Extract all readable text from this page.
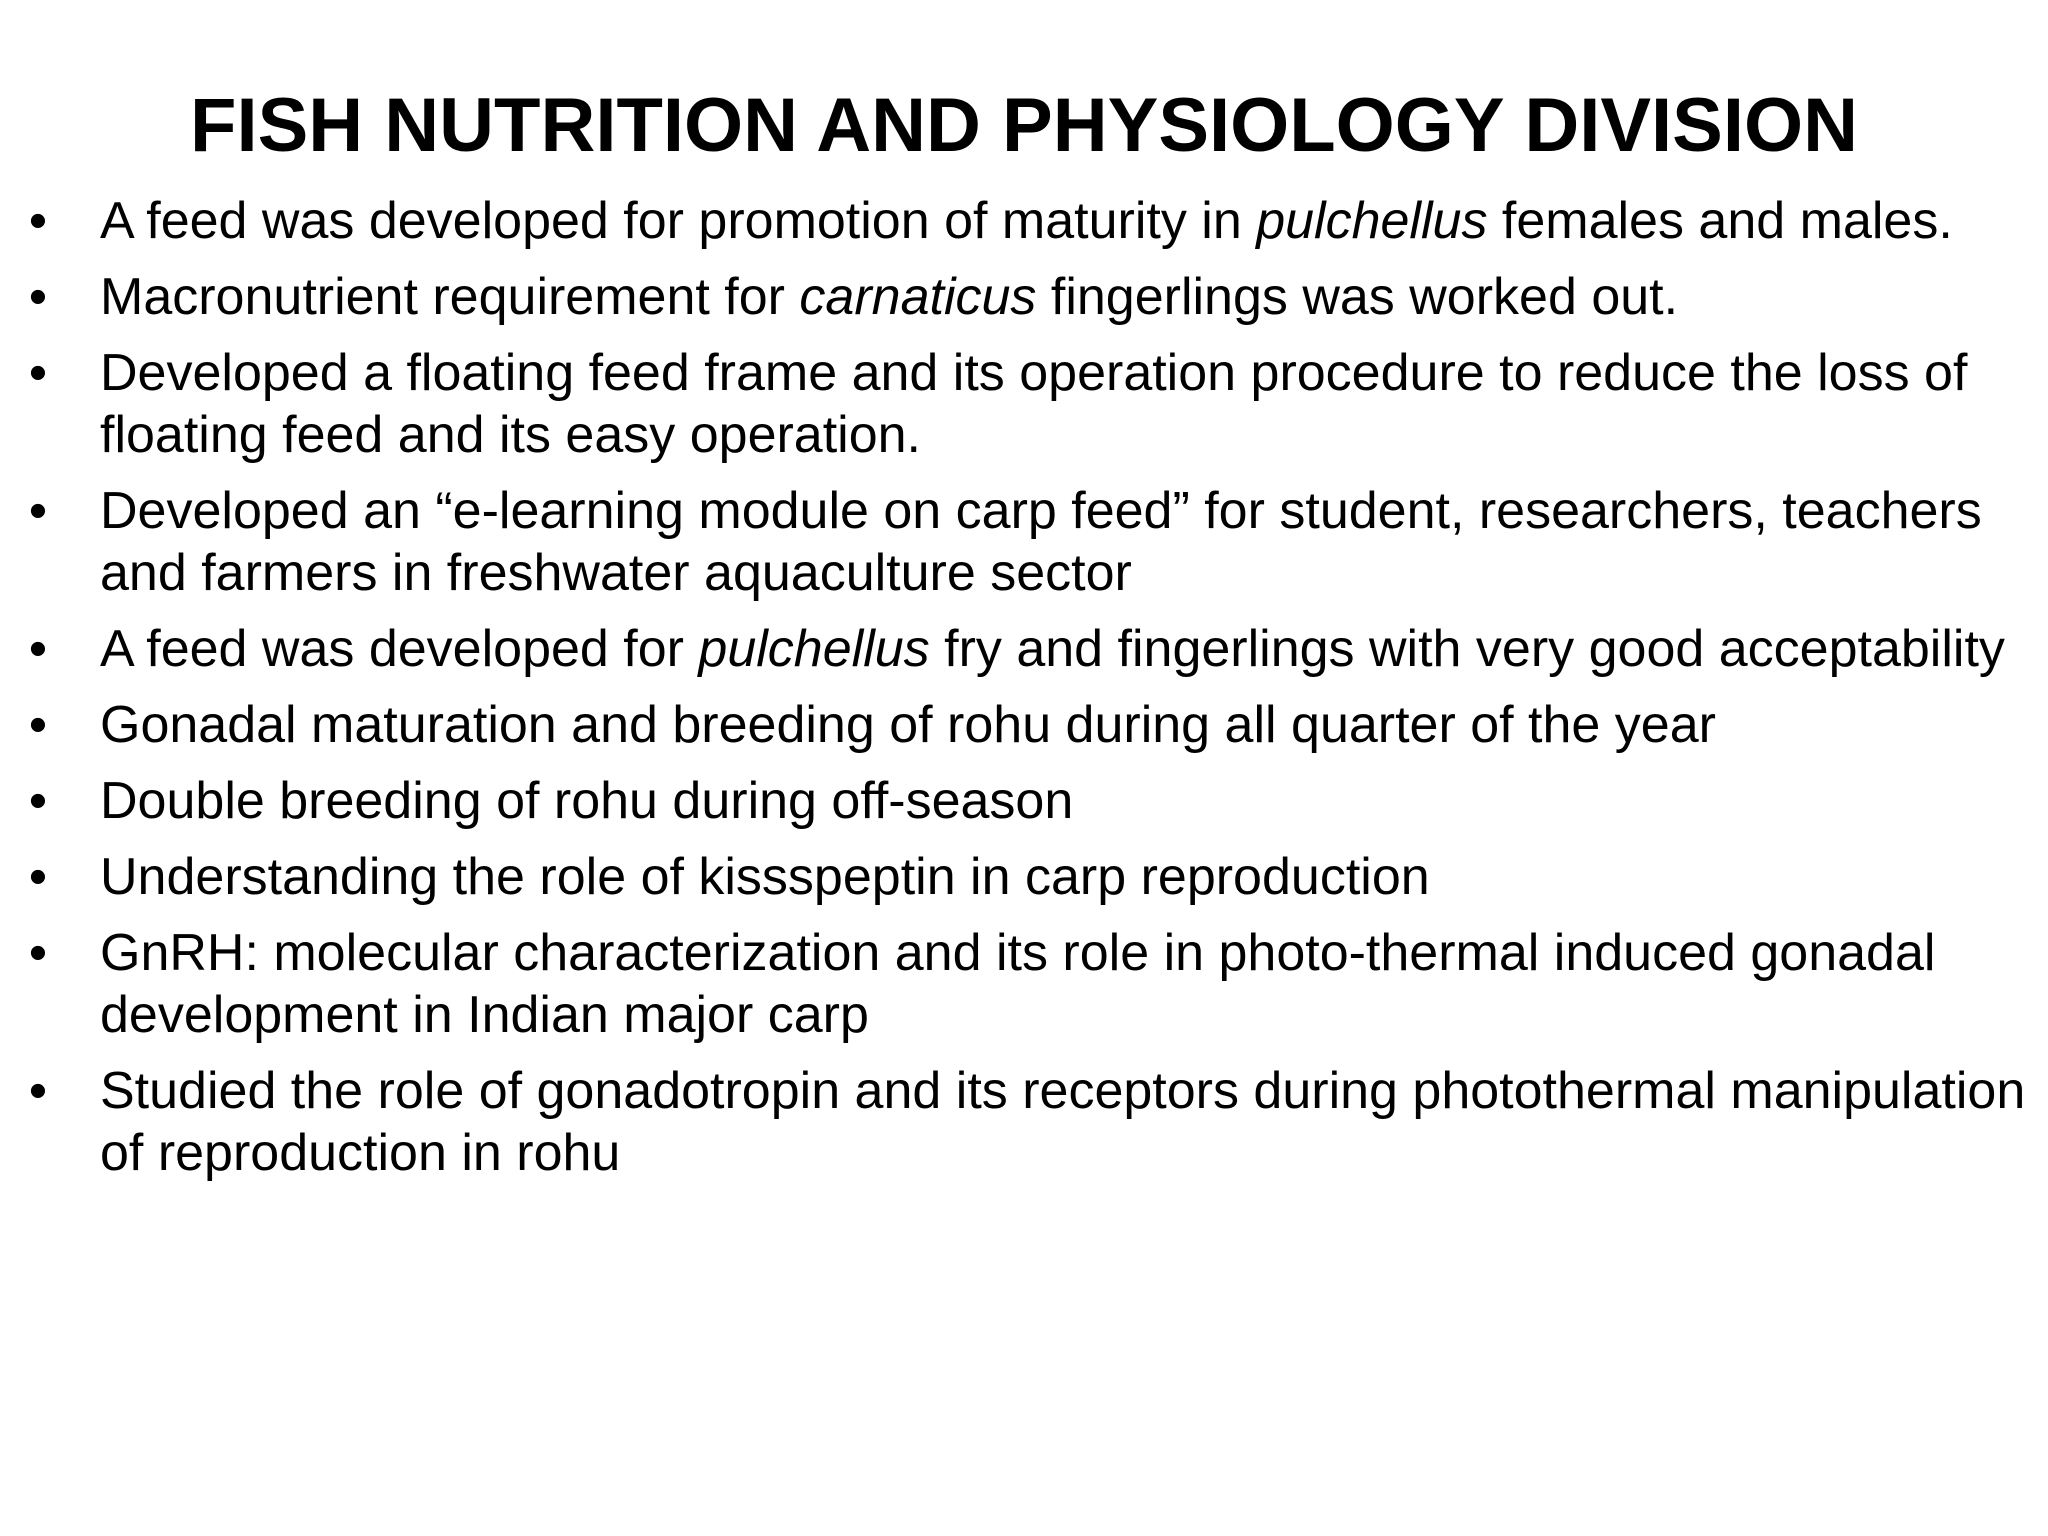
FISH NUTRITION AND PHYSIOLOGY DIVISION
• A feed was developed for promotion of maturity in pulchellus females and males.
• Macronutrient requirement for carnaticus fingerlings was worked out.
• Developed a floating feed frame and its operation procedure to reduce the loss of floating feed and its easy operation.
• Developed an “e-learning module on carp feed” for student, researchers, teachers and farmers in freshwater aquaculture sector
• A feed was developed for pulchellus fry and fingerlings with very good acceptability
• Gonadal maturation and breeding of rohu during all quarter of the year
• Double breeding of rohu during off-season
• Understanding the role of kissspeptin in carp reproduction
• GnRH: molecular characterization and its role in photo-thermal induced gonadal development in Indian major carp
• Studied the role of gonadotropin and its receptors during photothermal manipulation of reproduction in rohu
